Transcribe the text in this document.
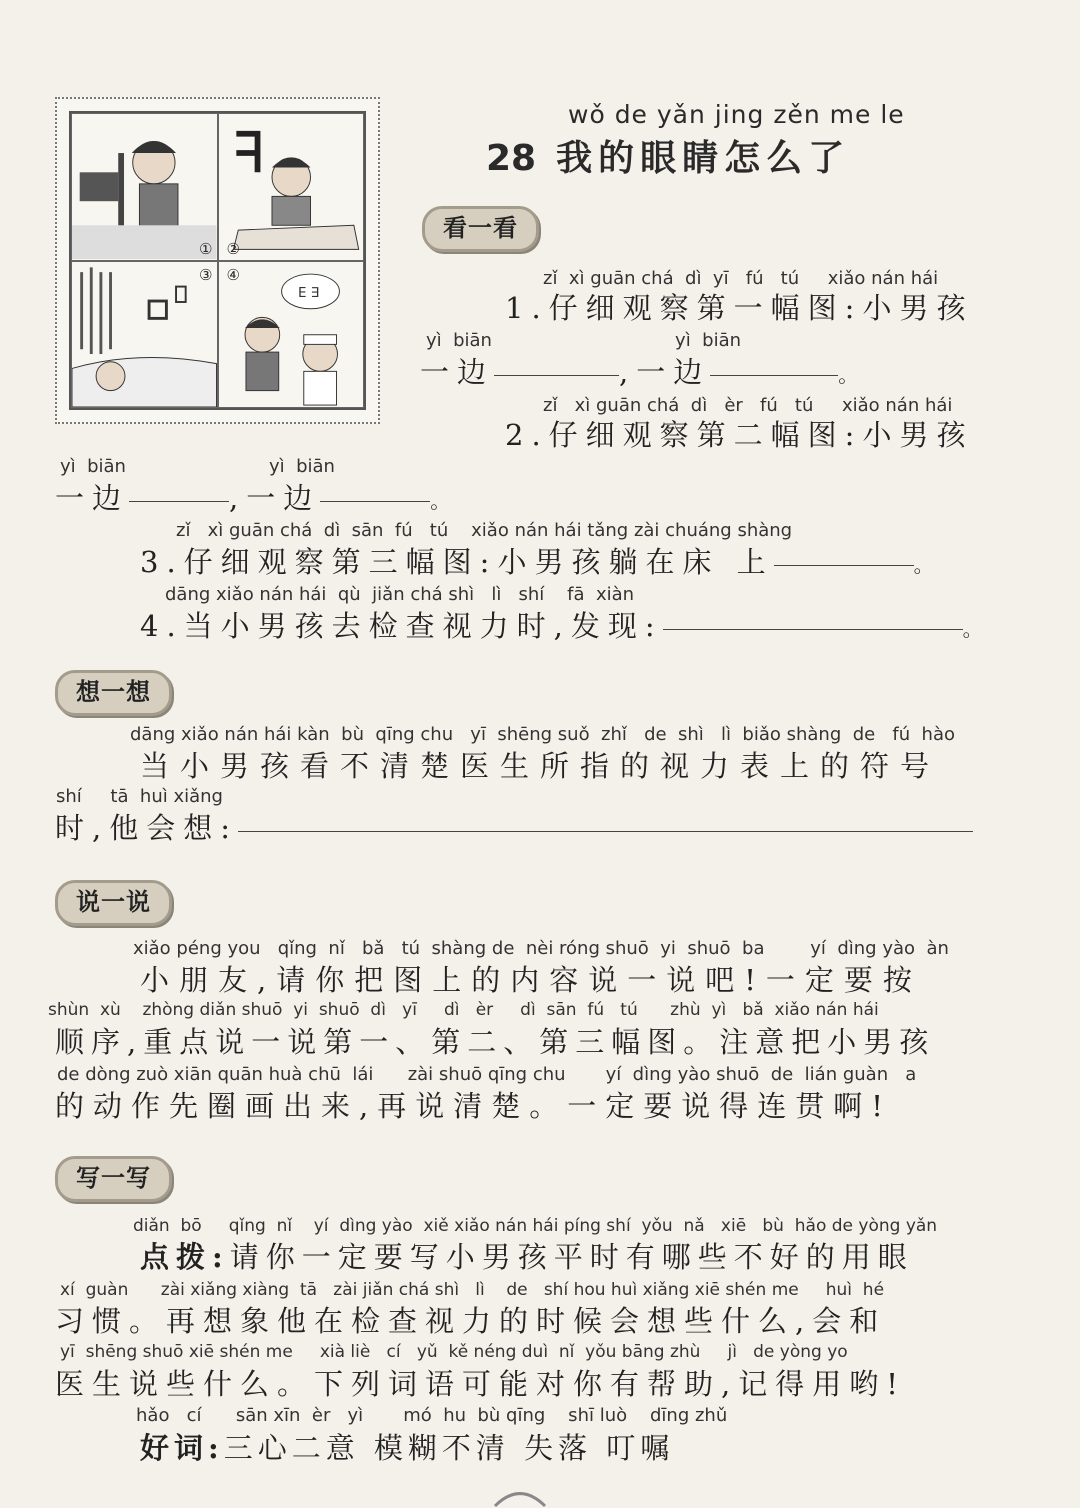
① ②
③
E ∃
④
wǒ de yǎn jing zěn me le
28 我的眼睛怎么了
看一看
zǐ  xì guān chá  dì  yī   fú   tú     xiǎo nán hái
1.仔细观察第一幅图:小男孩
yì  biān                                yì  biān
一边	,一边	。
zǐ   xì guān chá  dì   èr   fú   tú     xiǎo nán hái
2.仔细观察第二幅图:小男孩
yì  biān                         yì  biān
一边	,一边	。
zǐ   xì guān chá  dì  sān  fú   tú    xiǎo nán hái tǎng zài chuáng shàng
3.仔细观察第三幅图:小男孩躺在床 上	。
dāng xiǎo nán hái  qù  jiǎn chá shì   lì   shí    fā  xiàn
4.当小男孩去检查视力时,发现:	。
想一想
dāng xiǎo nán hái kàn  bù  qīng chu   yī  shēng suǒ  zhǐ   de  shì   lì  biǎo shàng  de   fú  hào
当小男孩看不清楚医生所指的视力表上的符号
shí     tā  huì xiǎng
时,他会想:
说一说
xiǎo péng you   qǐng  nǐ   bǎ   tú  shàng de  nèi róng shuō  yi  shuō  ba        yí  dìng yào  àn
小朋友,请你把图上的内容说一说吧!一定要按
shùn  xù    zhòng diǎn shuō  yi  shuō  dì   yī     dì   èr     dì  sān  fú   tú      zhù  yì   bǎ  xiǎo nán hái
顺序,重点说一说第一、第二、第三幅图。注意把小男孩
de dòng zuò xiān quān huà chū  lái      zài shuō qīng chu       yí  dìng yào shuō  de  lián guàn   a
的动作先圈画出来,再说清楚。一定要说得连贯啊!
写一写
diǎn  bō     qǐng  nǐ    yí  dìng yào  xiě xiǎo nán hái píng shí  yǒu  nǎ   xiē   bù  hǎo de yòng yǎn
点拨:请你一定要写小男孩平时有哪些不好的用眼
xí  guàn      zài xiǎng xiàng  tā   zài jiǎn chá shì   lì    de   shí hou huì xiǎng xiē shén me     huì  hé
习惯。再想象他在检查视力的时候会想些什么,会和
yī  shēng shuō xiē shén me     xià liè   cí   yǔ  kě néng duì  nǐ  yǒu bāng zhù     jì   de yòng yo
医生说些什么。下列词语可能对你有帮助,记得用哟!
hǎo   cí      sān xīn  èr   yì       mó  hu  bù qīng    shī luò    dīng zhǔ
好词:三心二意 模糊不清 失落 叮嘱
